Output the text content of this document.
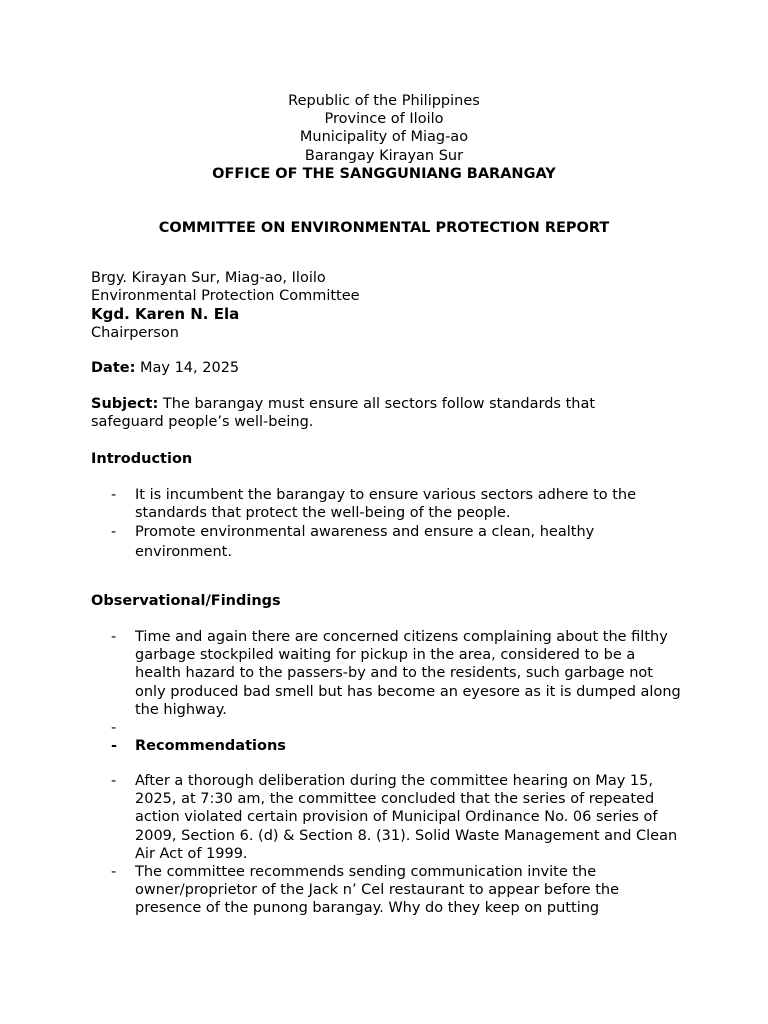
Republic of the Philippines
Province of Iloilo
Municipality of Miag-ao
Barangay Kirayan Sur
OFFICE OF THE SANGGUNIANG BARANGAY
COMMITTEE ON ENVIRONMENTAL PROTECTION REPORT
Brgy. Kirayan Sur, Miag-ao, Iloilo
Environmental Protection Committee
Kgd. Karen N. Ela
Chairperson
Date: May 14, 2025
Subject: The barangay must ensure all sectors follow standards that safeguard people’s well-being.
Introduction
- It is incumbent the barangay to ensure various sectors adhere to the standards that protect the well-being of the people.
- Promote environmental awareness and ensure a clean, healthy environment.
Observational/Findings
- Time and again there are concerned citizens complaining about the filthy garbage stockpiled waiting for pickup in the area, considered to be a health hazard to the passers-by and to the residents, such garbage not only produced bad smell but has become an eyesore as it is dumped along the highway.
-
- Recommendations
- After a thorough deliberation during the committee hearing on May 15, 2025, at 7:30 am, the committee concluded that the series of repeated action violated certain provision of Municipal Ordinance No. 06 series of 2009, Section 6. (d) & Section 8. (31). Solid Waste Management and Clean Air Act of 1999.
- The committee recommends sending communication invite the owner/proprietor of the Jack n’ Cel restaurant to appear before the presence of the punong barangay. Why do they keep on putting
